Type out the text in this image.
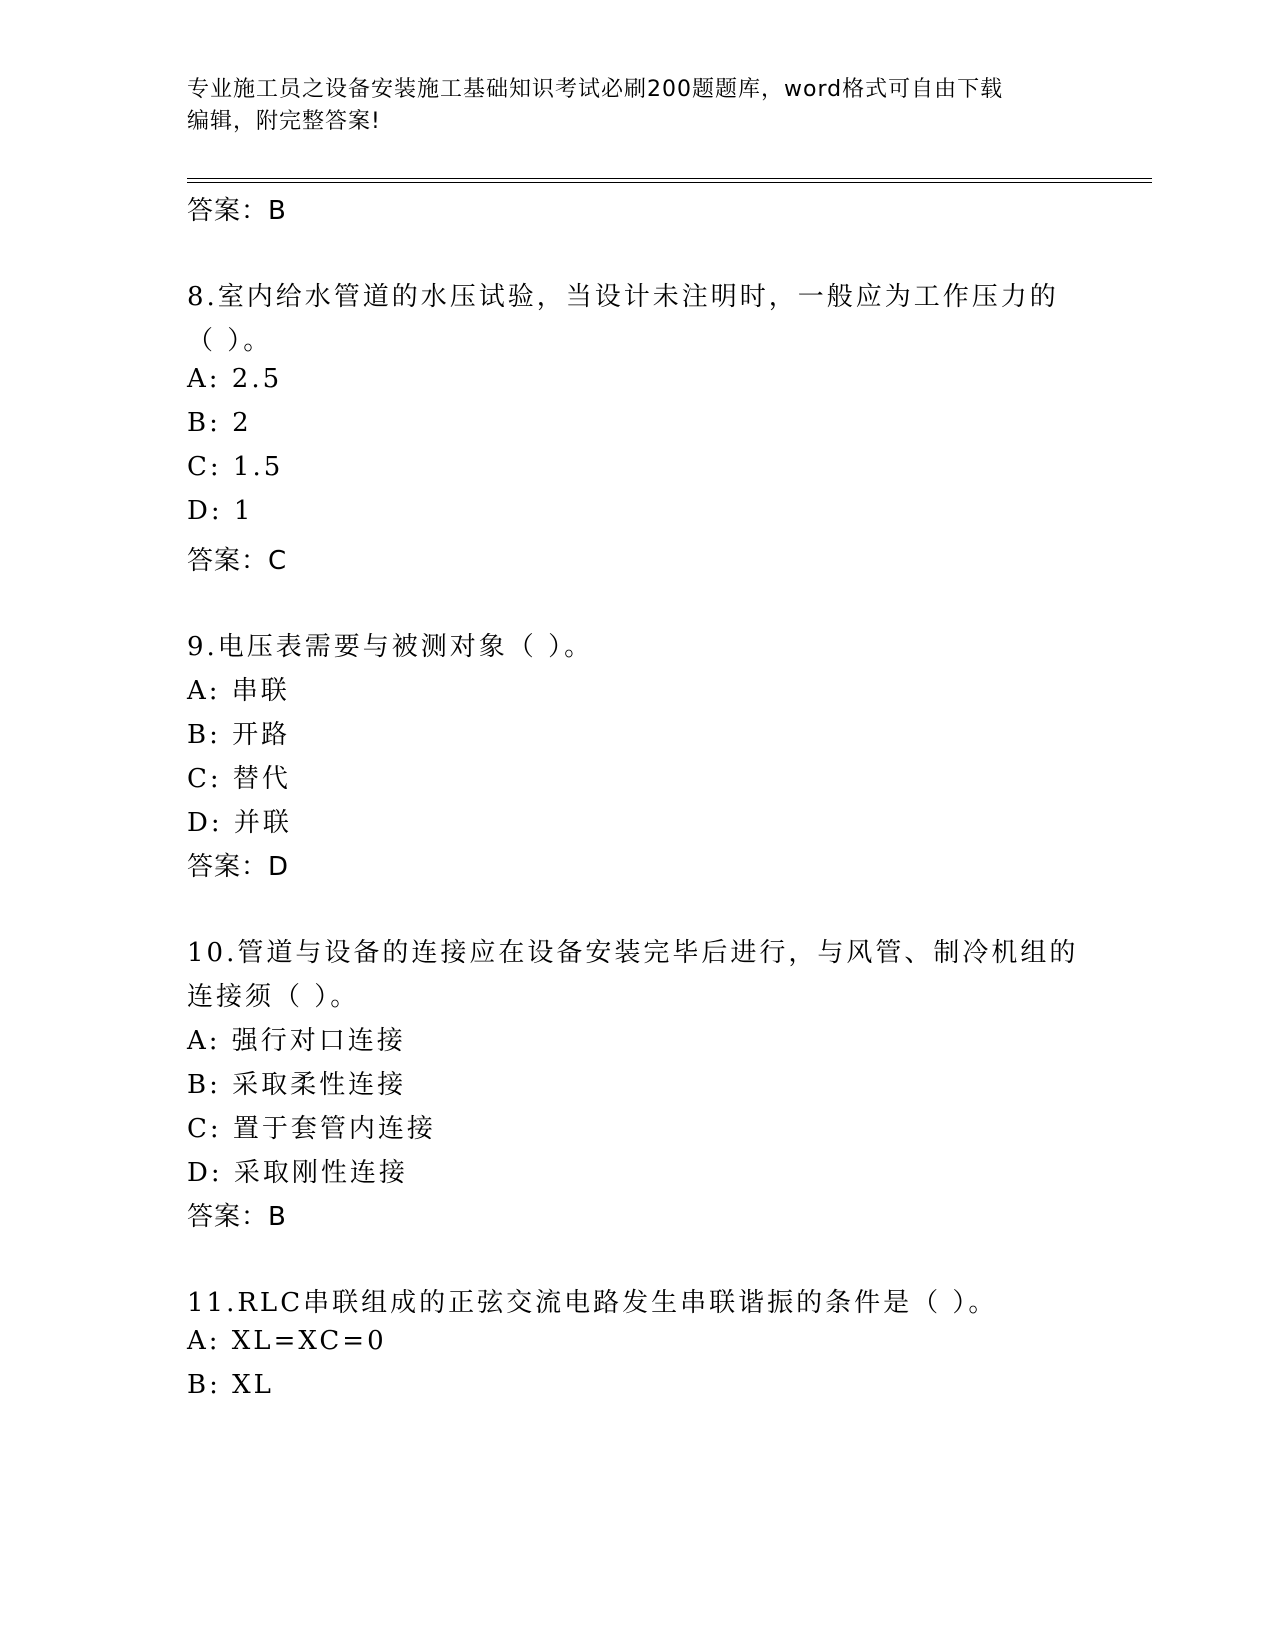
专业施工员之设备安装施工基础知识考试必刷200题题库，word格式可自由下载
编辑，附完整答案!
答案：B
8.室内给水管道的水压试验，当设计未注明时，一般应为工作压力的
（ ）。
A: 2.5
B: 2
C: 1.5
D: 1
答案：C
9.电压表需要与被测对象（ ）。
A: 串联
B: 开路
C: 替代
D: 并联
答案：D
10.管道与设备的连接应在设备安装完毕后进行，与风管、制冷机组的
连接须（ ）。
A: 强行对口连接
B: 采取柔性连接
C: 置于套管内连接
D: 采取刚性连接
答案：B
11.RLC串联组成的正弦交流电路发生串联谐振的条件是（ ）。
A: XL=XC=0
B: XL
